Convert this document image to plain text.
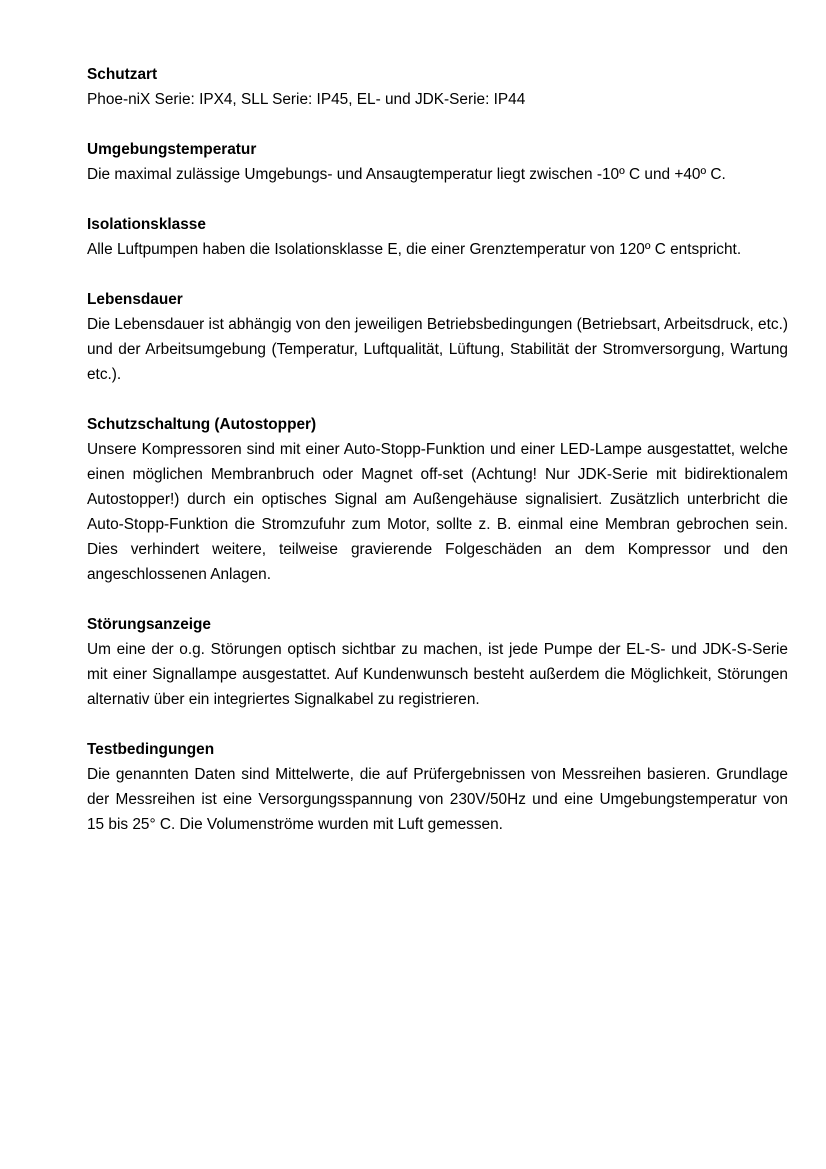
Schutzart

Phoe-niX Serie: IPX4, SLL Serie: IP45, EL- und JDK-Serie: IP44

Umgebungstemperatur

Die maximal zulässige Umgebungs- und Ansaugtemperatur liegt zwischen -10º C und +40º C.

Isolationsklasse

Alle Luftpumpen haben die Isolationsklasse E, die einer Grenztemperatur von 120º C entspricht.

Lebensdauer

Die Lebensdauer ist abhängig von den jeweiligen Betriebsbedingungen (Betriebsart, Arbeitsdruck, etc.) und der Arbeitsumgebung (Temperatur, Luftqualität, Lüftung, Stabilität der Stromversorgung, Wartung etc.).

Schutzschaltung (Autostopper)

Unsere Kompressoren sind mit einer Auto-Stopp-Funktion und einer LED-Lampe ausgestattet, welche einen möglichen Membranbruch oder Magnet off-set (Achtung! Nur JDK-Serie mit bidirektionalem Autostopper!) durch ein optisches Signal am Außengehäuse signalisiert. Zusätzlich unterbricht die Auto-Stopp-Funktion die Stromzufuhr zum Motor, sollte z. B. einmal eine Membran gebrochen sein. Dies verhindert weitere, teilweise gravierende Folgeschäden an dem Kompressor und den angeschlossenen Anlagen.

Störungsanzeige

Um eine der o.g. Störungen optisch sichtbar zu machen, ist jede Pumpe der EL-S- und JDK-S-Serie mit einer Signallampe ausgestattet. Auf Kundenwunsch besteht außerdem die Möglichkeit, Störungen alternativ über ein integriertes Signalkabel zu registrieren.

Testbedingungen

Die genannten Daten sind Mittelwerte, die auf Prüfergebnissen von Messreihen basieren. Grundlage der Messreihen ist eine Versorgungsspannung von 230V/50Hz und eine Umgebungstemperatur von 15 bis 25° C. Die Volumenströme wurden mit Luft gemessen.
